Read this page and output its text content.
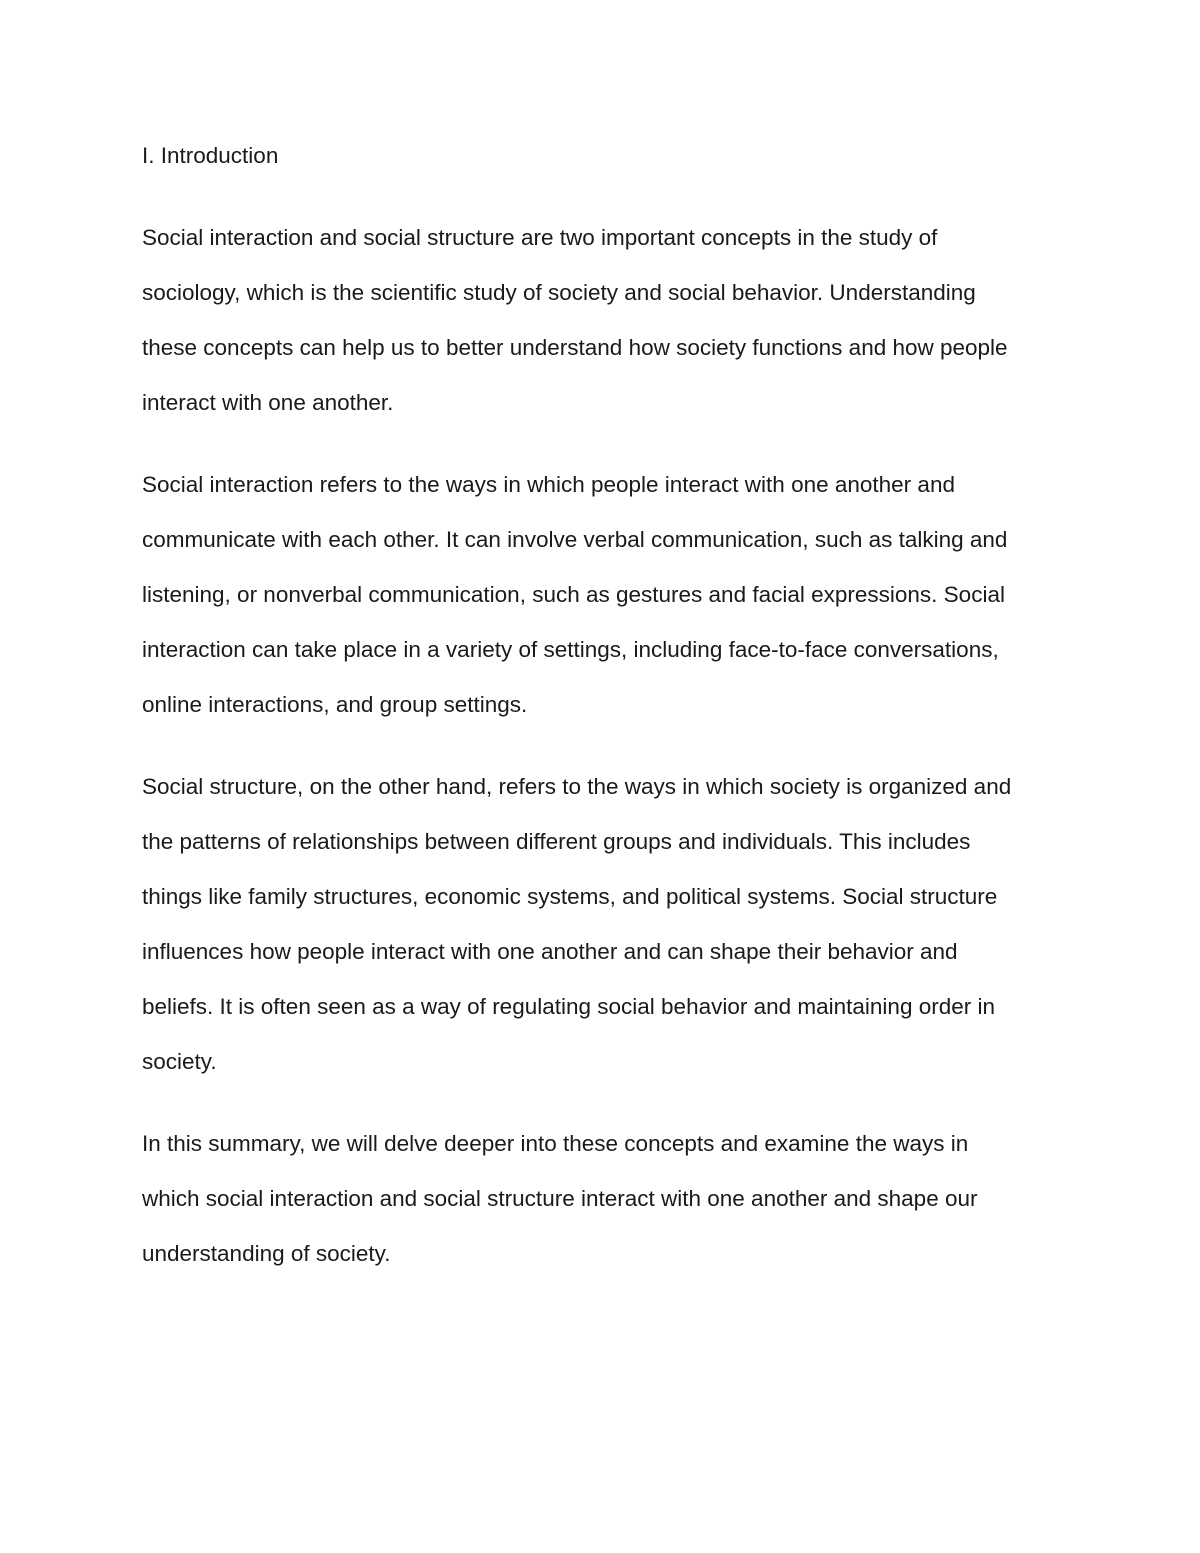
I. Introduction
Social interaction and social structure are two important concepts in the study of
sociology, which is the scientific study of society and social behavior. Understanding
these concepts can help us to better understand how society functions and how people
interact with one another.
Social interaction refers to the ways in which people interact with one another and
communicate with each other. It can involve verbal communication, such as talking and
listening, or nonverbal communication, such as gestures and facial expressions. Social
interaction can take place in a variety of settings, including face-to-face conversations,
online interactions, and group settings.
Social structure, on the other hand, refers to the ways in which society is organized and
the patterns of relationships between different groups and individuals. This includes
things like family structures, economic systems, and political systems. Social structure
influences how people interact with one another and can shape their behavior and
beliefs. It is often seen as a way of regulating social behavior and maintaining order in
society.
In this summary, we will delve deeper into these concepts and examine the ways in
which social interaction and social structure interact with one another and shape our
understanding of society.
